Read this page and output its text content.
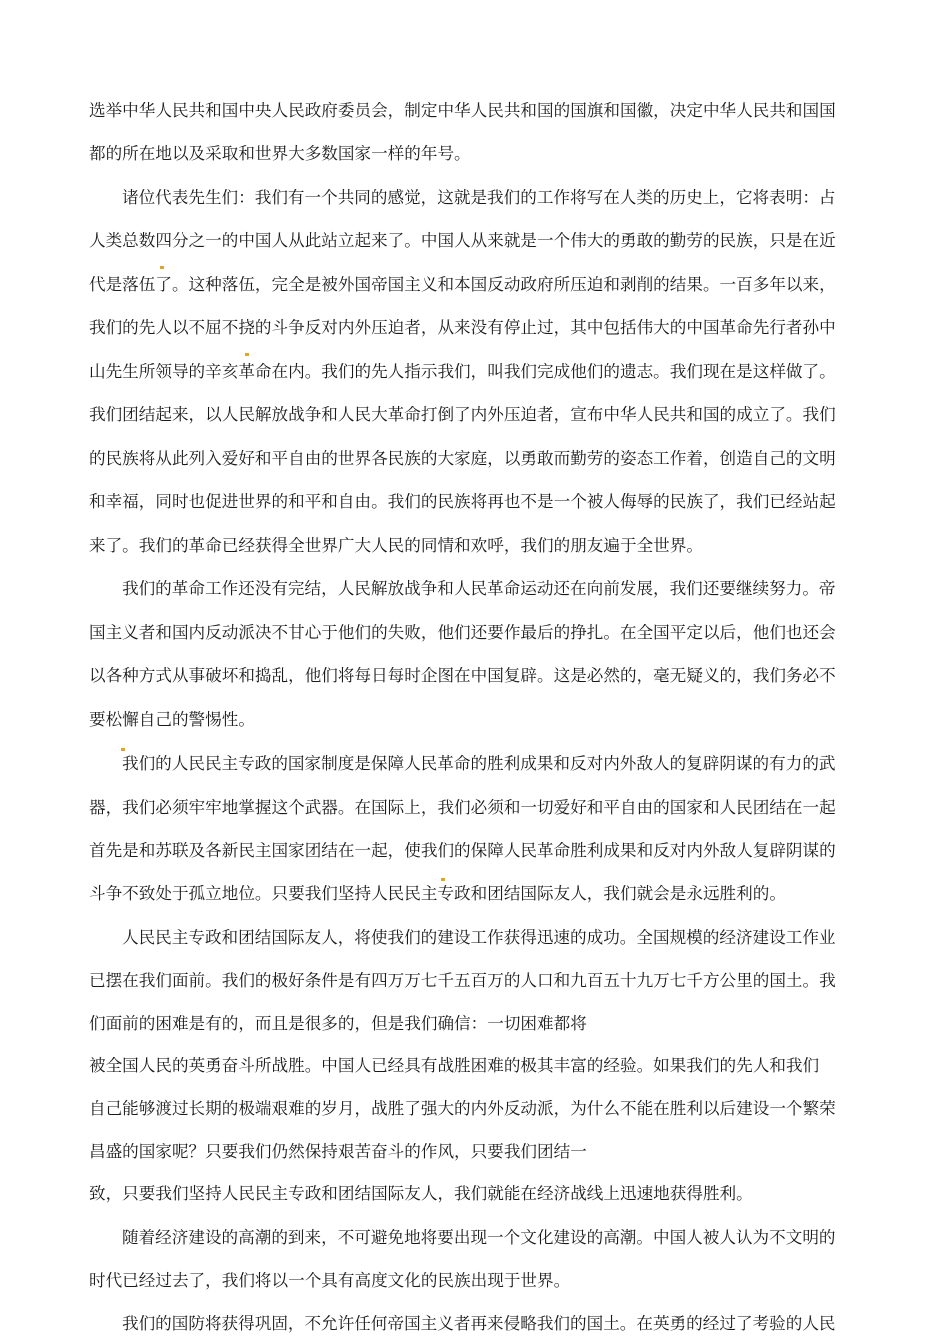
选举中华人民共和国中央人民政府委员会，制定中华人民共和国的国旗和国徽，决定中华人民共和国国
都的所在地以及采取和世界大多数国家一样的年号。
诸位代表先生们：我们有一个共同的感觉，这就是我们的工作将写在人类的历史上，它将表明：占
人类总数四分之一的中国人从此站立起来了。中国人从来就是一个伟大的勇敢的勤劳的民族，只是在近
代是落伍了。这种落伍，完全是被外国帝国主义和本国反动政府所压迫和剥削的结果。一百多年以来，
我们的先人以不屈不挠的斗争反对内外压迫者，从来没有停止过，其中包括伟大的中国革命先行者孙中
山先生所领导的辛亥革命在内。我们的先人指示我们，叫我们完成他们的遗志。我们现在是这样做了。
我们团结起来，以人民解放战争和人民大革命打倒了内外压迫者，宣布中华人民共和国的成立了。我们
的民族将从此列入爱好和平自由的世界各民族的大家庭，以勇敢而勤劳的姿态工作着，创造自己的文明
和幸福，同时也促进世界的和平和自由。我们的民族将再也不是一个被人侮辱的民族了，我们已经站起
来了。我们的革命已经获得全世界广大人民的同情和欢呼，我们的朋友遍于全世界。
我们的革命工作还没有完结，人民解放战争和人民革命运动还在向前发展，我们还要继续努力。帝
国主义者和国内反动派决不甘心于他们的失败，他们还要作最后的挣扎。在全国平定以后，他们也还会
以各种方式从事破坏和捣乱，他们将每日每时企图在中国复辟。这是必然的，毫无疑义的，我们务必不
要松懈自己的警惕性。
我们的人民民主专政的国家制度是保障人民革命的胜利成果和反对内外敌人的复辟阴谋的有力的武
器，我们必须牢牢地掌握这个武器。在国际上，我们必须和一切爱好和平自由的国家和人民团结在一起
首先是和苏联及各新民主国家团结在一起，使我们的保障人民革命胜利成果和反对内外敌人复辟阴谋的
斗争不致处于孤立地位。只要我们坚持人民民主专政和团结国际友人，我们就会是永远胜利的。
人民民主专政和团结国际友人，将使我们的建设工作获得迅速的成功。全国规模的经济建设工作业
已摆在我们面前。我们的极好条件是有四万万七千五百万的人口和九百五十九万七千方公里的国土。我
们面前的困难是有的，而且是很多的，但是我们确信：一切困难都将
被全国人民的英勇奋斗所战胜。中国人已经具有战胜困难的极其丰富的经验。如果我们的先人和我们
自己能够渡过长期的极端艰难的岁月，战胜了强大的内外反动派，为什么不能在胜利以后建设一个繁荣
昌盛的国家呢？只要我们仍然保持艰苦奋斗的作风，只要我们团结一
致，只要我们坚持人民民主专政和团结国际友人，我们就能在经济战线上迅速地获得胜利。
随着经济建设的高潮的到来，不可避免地将要出现一个文化建设的高潮。中国人被人认为不文明的
时代已经过去了，我们将以一个具有高度文化的民族出现于世界。
我们的国防将获得巩固，不允许任何帝国主义者再来侵略我们的国土。在英勇的经过了考验的人民
